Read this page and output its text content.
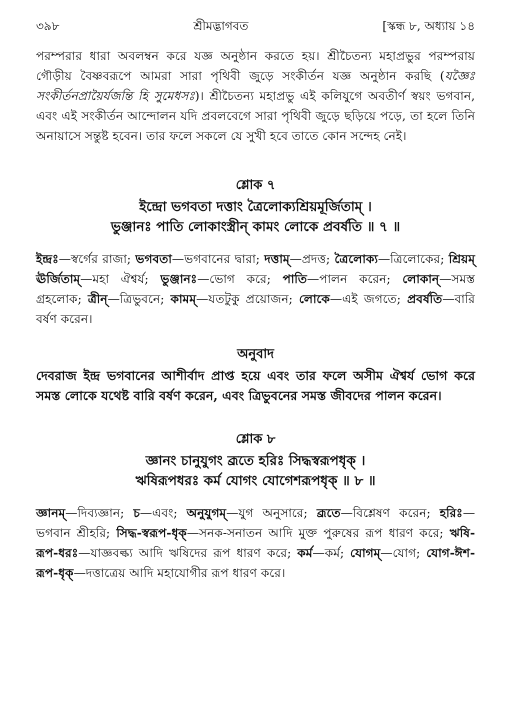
৩৯৮	শ্রীমদ্ভাগবত	[স্কন্ধ ৮, অধ্যায় ১৪

পরম্পরার ধারা অবলম্বন করে যজ্ঞ অনুষ্ঠান করতে হয়। শ্রীচৈতন্য মহাপ্রভুর পরম্পরায় গৌড়ীয় বৈষ্ণবরূপে আমরা সারা পৃথিবী জুড়ে সংকীর্তন যজ্ঞ অনুষ্ঠান করছি (যজ্ঞৈঃ সংকীর্তনপ্রায়ৈর্যজন্তি হি সুমেধসঃ)। শ্রীচৈতন্য মহাপ্রভু এই কলিযুগে অবতীর্ণ স্বয়ং ভগবান, এবং এই সংকীর্তন আন্দোলন যদি প্রবলবেগে সারা পৃথিবী জুড়ে ছড়িয়ে পড়ে, তা হলে তিনি অনায়াসে সন্তুষ্ট হবেন। তার ফলে সকলে যে সুখী হবে তাতে কোন সন্দেহ নেই।

শ্লোক ৭
ইন্দ্রো ভগবতা দত্তাং ত্রৈলোক্যশ্রিয়মূর্জিতাম্ ।
ভুঞ্জানঃ পাতি লোকাংস্ত্রীন্ কামং লোকে প্রবর্ষতি ॥ ৭ ॥
ইন্দ্রঃ—স্বর্গের রাজা; ভগবতা—ভগবানের দ্বারা; দত্তাম্—প্রদত্ত; ত্রৈলোক্য—ত্রিলোকের; শ্রিয়ম্ ঊর্জিতাম্—মহা ঐশ্বর্য; ভুঞ্জানঃ—ভোগ করে; পাতি—পালন করেন; লোকান্—সমস্ত গ্রহলোক; ত্রীন্—ত্রিভুবনে; কামম্—যতটুকু প্রয়োজন; লোকে—এই জগতে; প্রবর্ষতি—বারি বর্ষণ করেন।
অনুবাদ
দেবরাজ ইন্দ্র ভগবানের আশীর্বাদ প্রাপ্ত হয়ে এবং তার ফলে অসীম ঐশ্বর্য ভোগ করে সমস্ত লোকে যথেষ্ট বারি বর্ষণ করেন, এবং ত্রিভুবনের সমস্ত জীবদের পালন করেন।
শ্লোক ৮
জ্ঞানং চানুযুগং ব্রূতে হরিঃ সিদ্ধস্বরূপধৃক্ ।
ঋষিরূপধরঃ কর্ম যোগং যোগেশরূপধৃক্ ॥ ৮ ॥
জ্ঞানম্—দিব্যজ্ঞান; চ—এবং; অনুযুগম্—যুগ অনুসারে; ব্রূতে—বিশ্লেষণ করেন; হরিঃ—ভগবান শ্রীহরি; সিদ্ধ-স্বরূপ-ধৃক্—সনক-সনাতন আদি মুক্ত পুরুষের রূপ ধারণ করে; ঋষি-রূপ-ধরঃ—যাজ্ঞবল্ক্য আদি ঋষিদের রূপ ধারণ করে; কর্ম—কর্ম; যোগম্—যোগ; যোগ-ঈশ-রূপ-ধৃক্—দত্তাত্রেয় আদি মহাযোগীর রূপ ধারণ করে।
